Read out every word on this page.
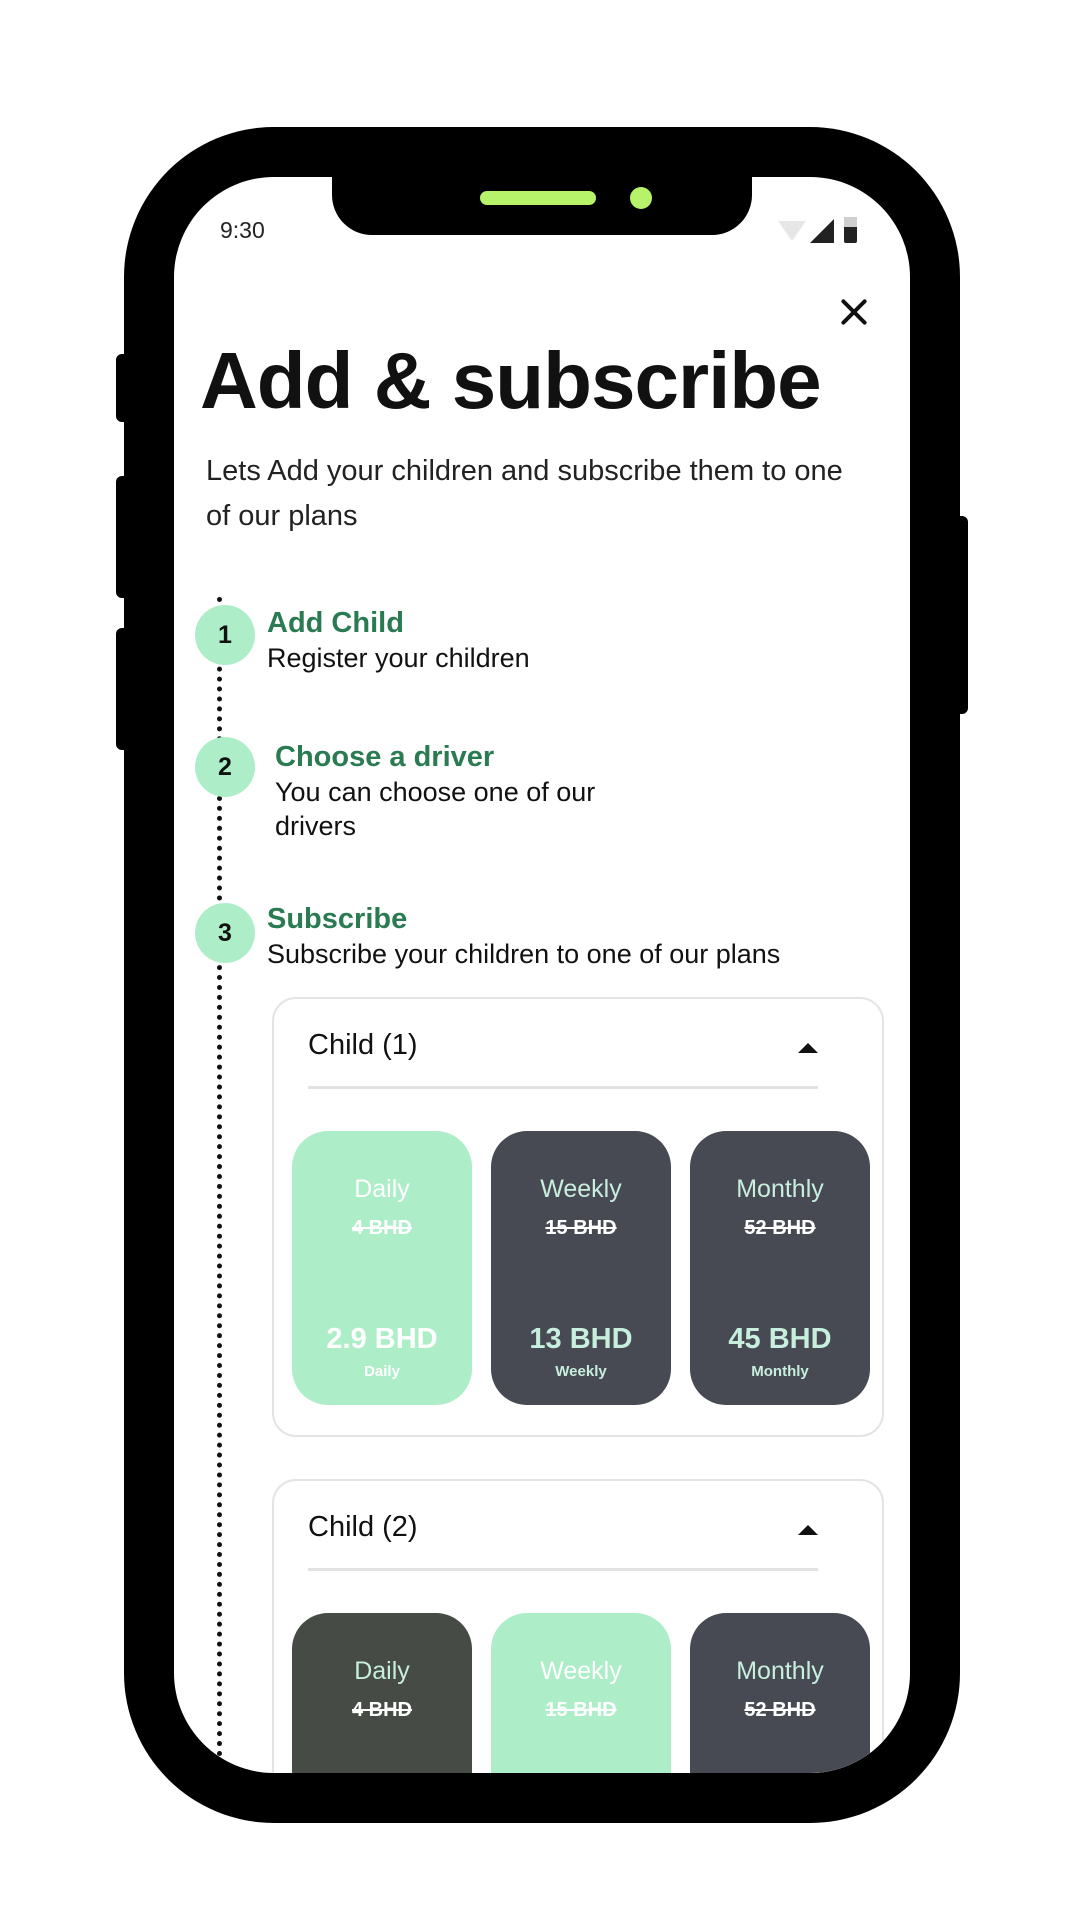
9:30
Add & subscribe
Lets Add your children and subscribe them to one of our plans
1	Add Child
Register your children
2	Choose a driver
You can choose one of our drivers
3	Subscribe
Subscribe your children to one of our plans
Child (1)
Daily
4 BHD
2.9 BHD
Daily
Weekly
15 BHD
13 BHD
Weekly
Monthly
52 BHD
45 BHD
Monthly
Child (2)
Daily
4 BHD
Weekly
15 BHD
Monthly
52 BHD
